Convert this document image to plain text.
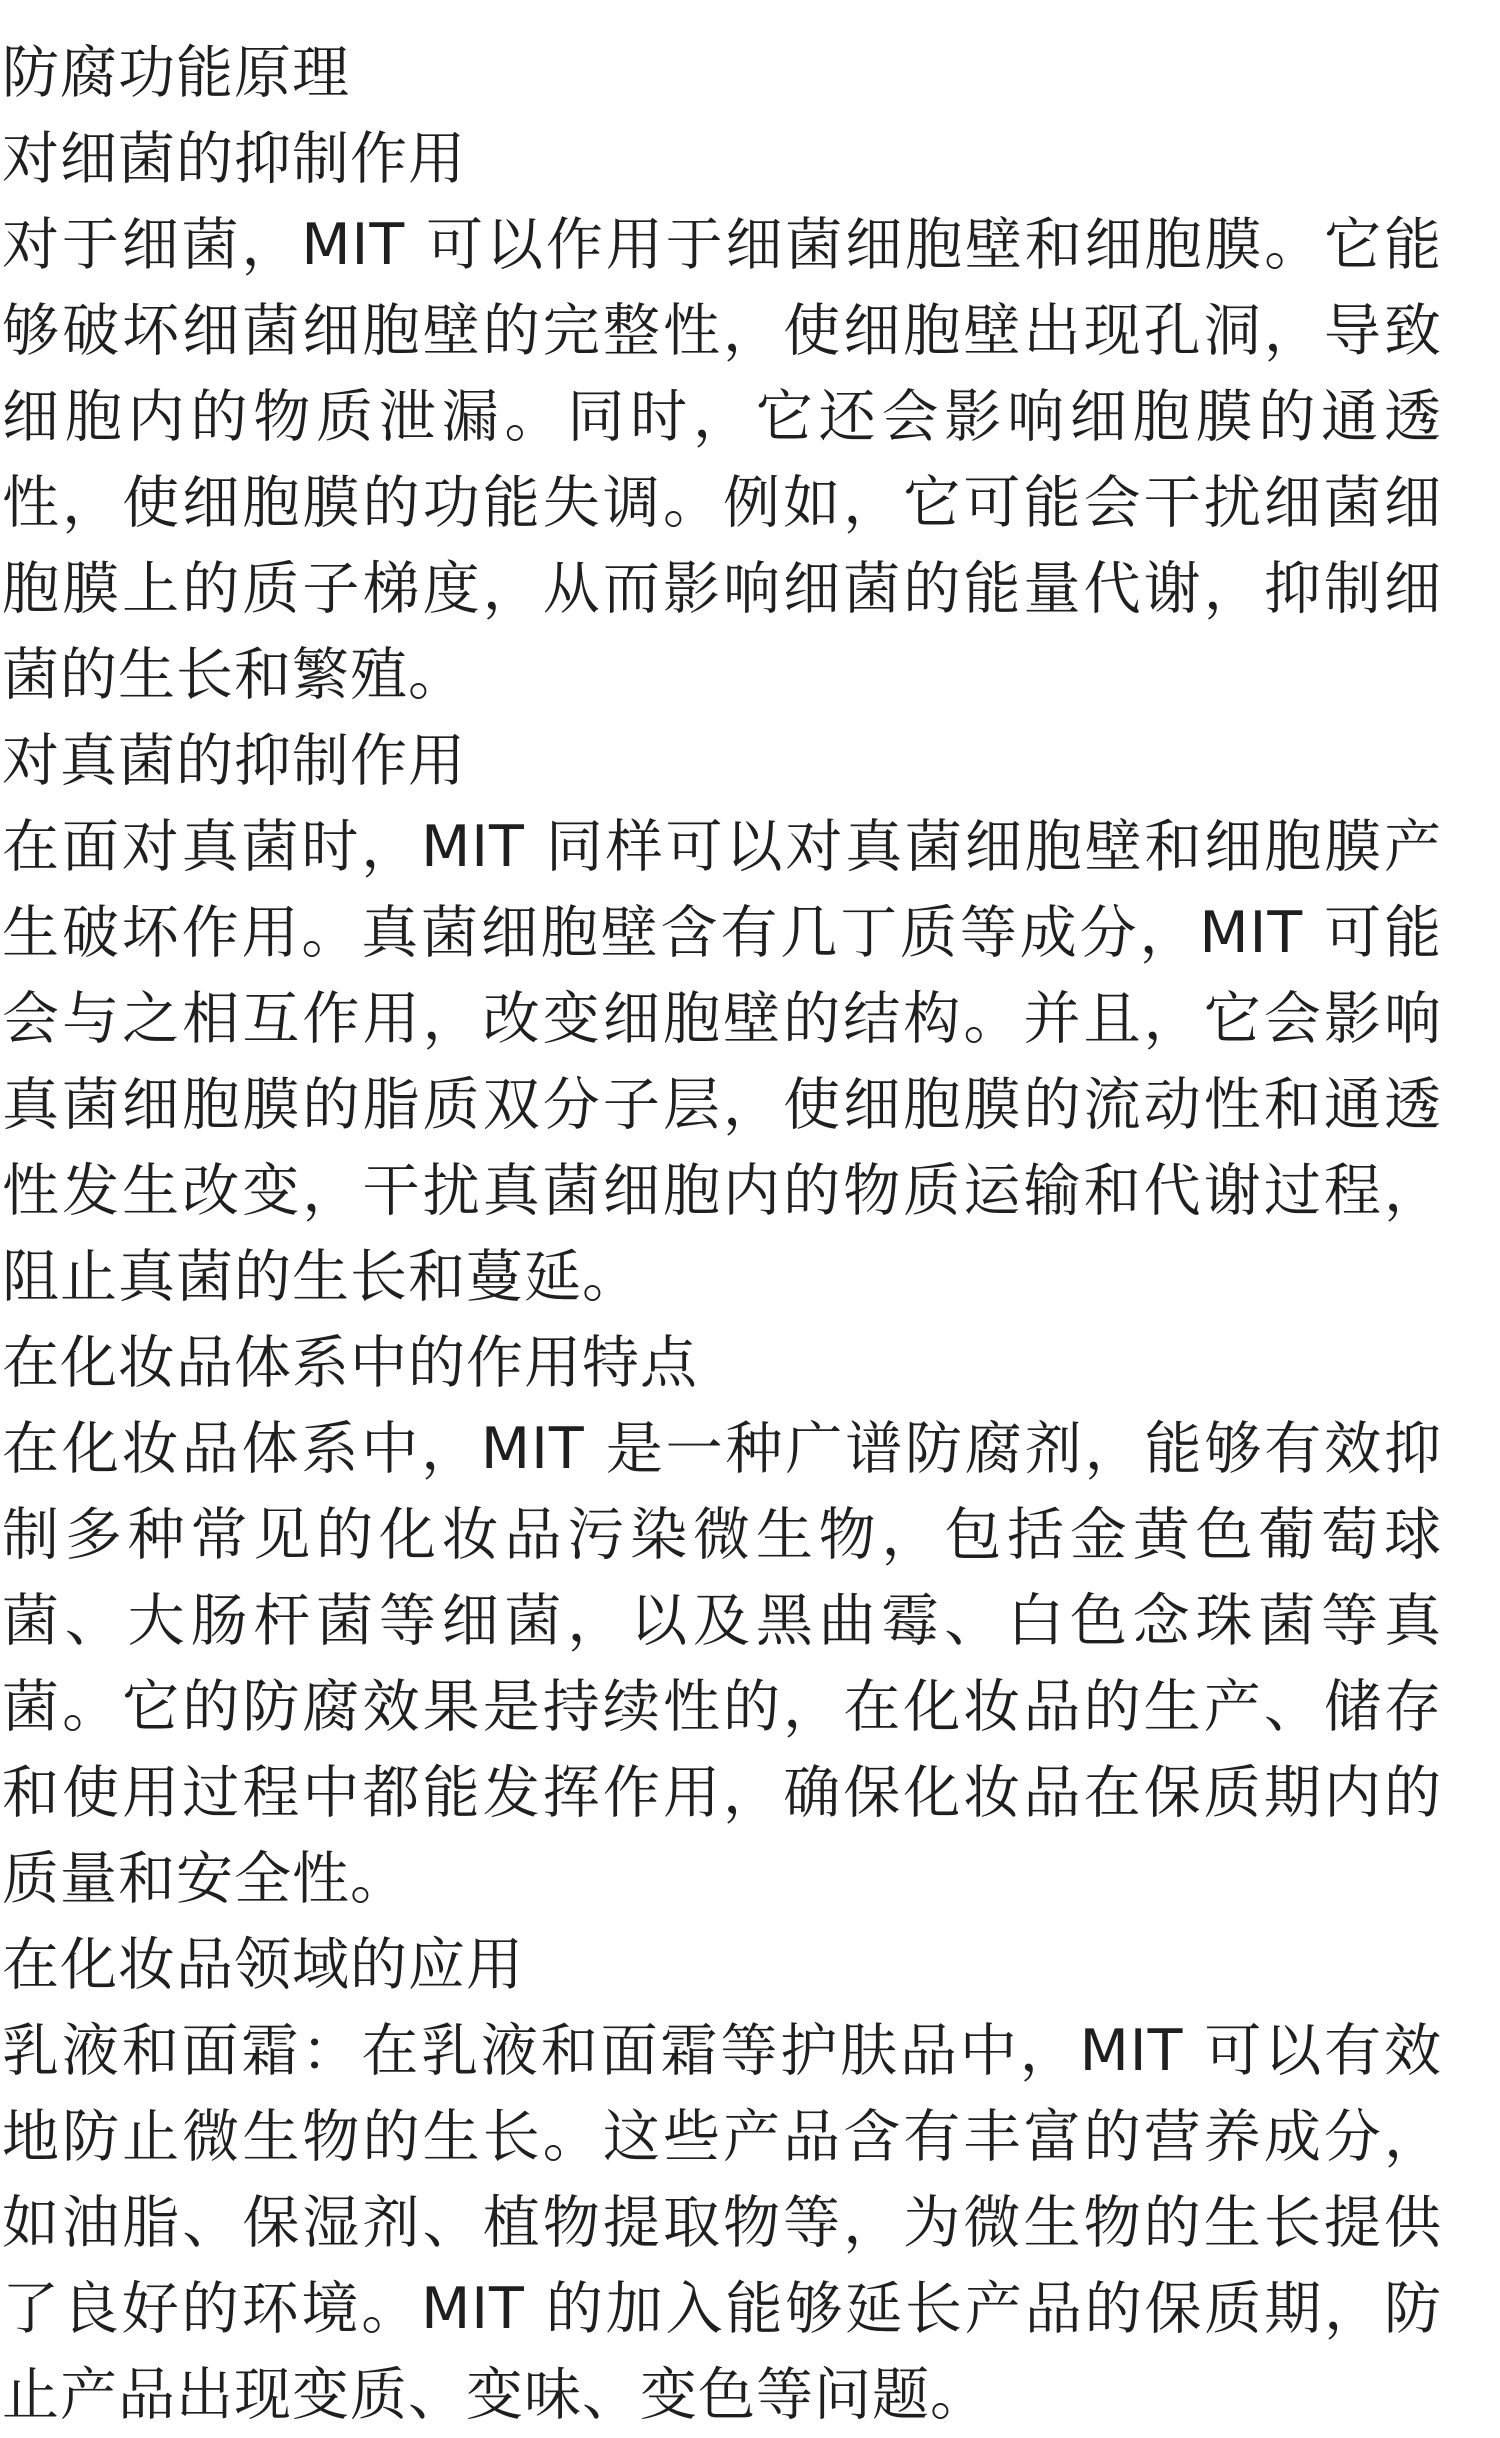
防腐功能原理

对细菌的抑制作用

对于细菌，MIT 可以作用于细菌细胞壁和细胞膜。它能够破坏细菌细胞壁的完整性，使细胞壁出现孔洞，导致细胞内的物质泄漏。同时，它还会影响细胞膜的通透性，使细胞膜的功能失调。例如，它可能会干扰细菌细胞膜上的质子梯度，从而影响细菌的能量代谢，抑制细菌的生长和繁殖。

对真菌的抑制作用

在面对真菌时，MIT 同样可以对真菌细胞壁和细胞膜产生破坏作用。真菌细胞壁含有几丁质等成分，MIT 可能会与之相互作用，改变细胞壁的结构。并且，它会影响真菌细胞膜的脂质双分子层，使细胞膜的流动性和通透性发生改变，干扰真菌细胞内的物质运输和代谢过程，阻止真菌的生长和蔓延。

在化妆品体系中的作用特点

在化妆品体系中，MIT 是一种广谱防腐剂，能够有效抑制多种常见的化妆品污染微生物，包括金黄色葡萄球菌、大肠杆菌等细菌，以及黑曲霉、白色念珠菌等真菌。它的防腐效果是持续性的，在化妆品的生产、储存和使用过程中都能发挥作用，确保化妆品在保质期内的质量和安全性。

在化妆品领域的应用

乳液和面霜：在乳液和面霜等护肤品中，MIT 可以有效地防止微生物的生长。这些产品含有丰富的营养成分，如油脂、保湿剂、植物提取物等，为微生物的生长提供了良好的环境。MIT 的加入能够延长产品的保质期，防止产品出现变质、变味、变色等问题。
